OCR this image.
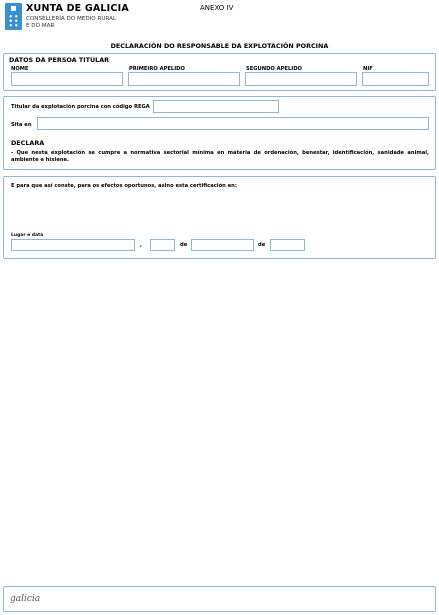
XUNTA DE GALICIA
CONSELLERÍA DO MEDIO RURAL
E DO MAR
ANEXO IV
DECLARACIÓN DO RESPONSABLE DA EXPLOTACIÓN PORCINA
DATOS DA PERSOA TITULAR
NOME	PRIMEIRO APELIDO	SEGUNDO APELIDO	NIF
Titular da explotación porcina con código REGA
Sita en
DECLARA
- Que nesta explotación se cumpre a normativa sectorial mínima en materia de ordenación, benestar, identificación, sanidade animal, ambiente e hixiene.
E para que así conste, para os efectos oportunos, asino esta certificación en:
Lugar e data
,	de	de
galicia
